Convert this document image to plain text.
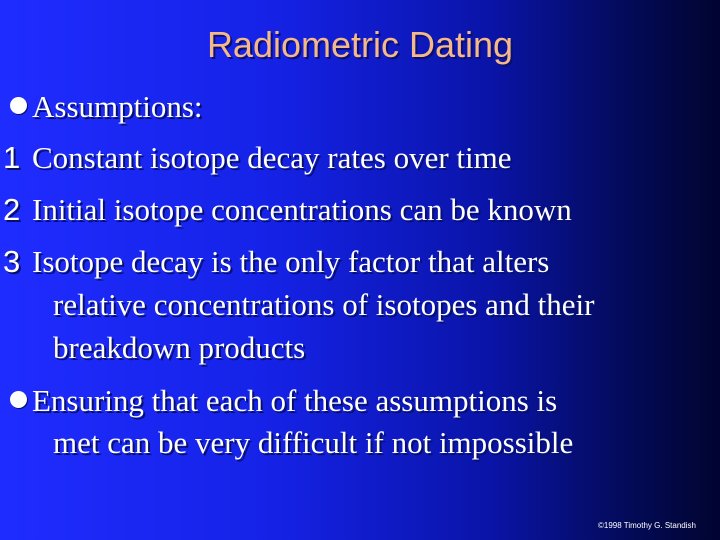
Radiometric Dating
Assumptions:
1 Constant isotope decay rates over time
2 Initial isotope concentrations can be known
3 Isotope decay is the only factor that alters
relative concentrations of isotopes and their
breakdown products
Ensuring that each of these assumptions is
met can be very difficult if not impossible
©1998 Timothy G. Standish
